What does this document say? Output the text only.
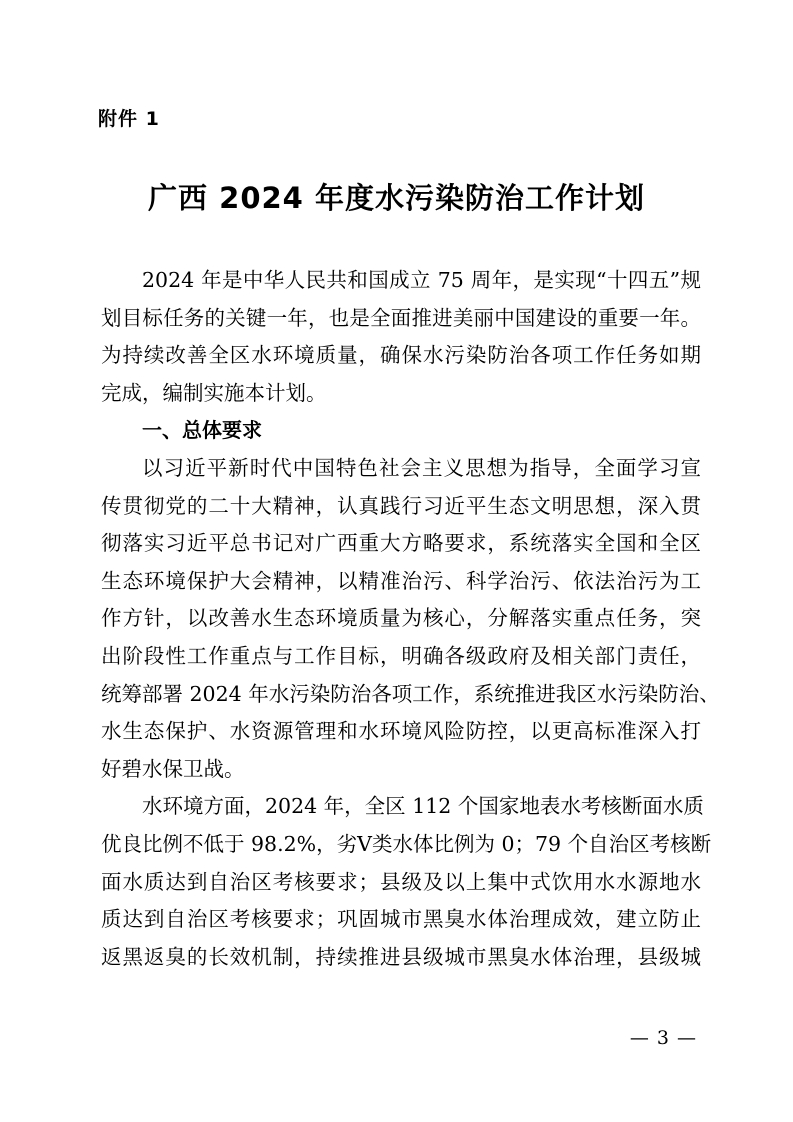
附件 1
广西 2024 年度水污染防治工作计划
2024 年是中华人民共和国成立 75 周年，是实现“十四五”规
划目标任务的关键一年，也是全面推进美丽中国建设的重要一年。
为持续改善全区水环境质量，确保水污染防治各项工作任务如期
完成，编制实施本计划。
一、总体要求
以习近平新时代中国特色社会主义思想为指导，全面学习宣
传贯彻党的二十大精神，认真践行习近平生态文明思想，深入贯
彻落实习近平总书记对广西重大方略要求，系统落实全国和全区
生态环境保护大会精神，以精准治污、科学治污、依法治污为工
作方针，以改善水生态环境质量为核心，分解落实重点任务，突
出阶段性工作重点与工作目标，明确各级政府及相关部门责任，
统筹部署 2024 年水污染防治各项工作，系统推进我区水污染防治、
水生态保护、水资源管理和水环境风险防控，以更高标准深入打
好碧水保卫战。
水环境方面，2024 年，全区 112 个国家地表水考核断面水质
优良比例不低于 98.2%，劣Ⅴ类水体比例为 0；79 个自治区考核断
面水质达到自治区考核要求；县级及以上集中式饮用水水源地水
质达到自治区考核要求；巩固城市黑臭水体治理成效，建立防止
返黑返臭的长效机制，持续推进县级城市黑臭水体治理，县级城
— 3 —
